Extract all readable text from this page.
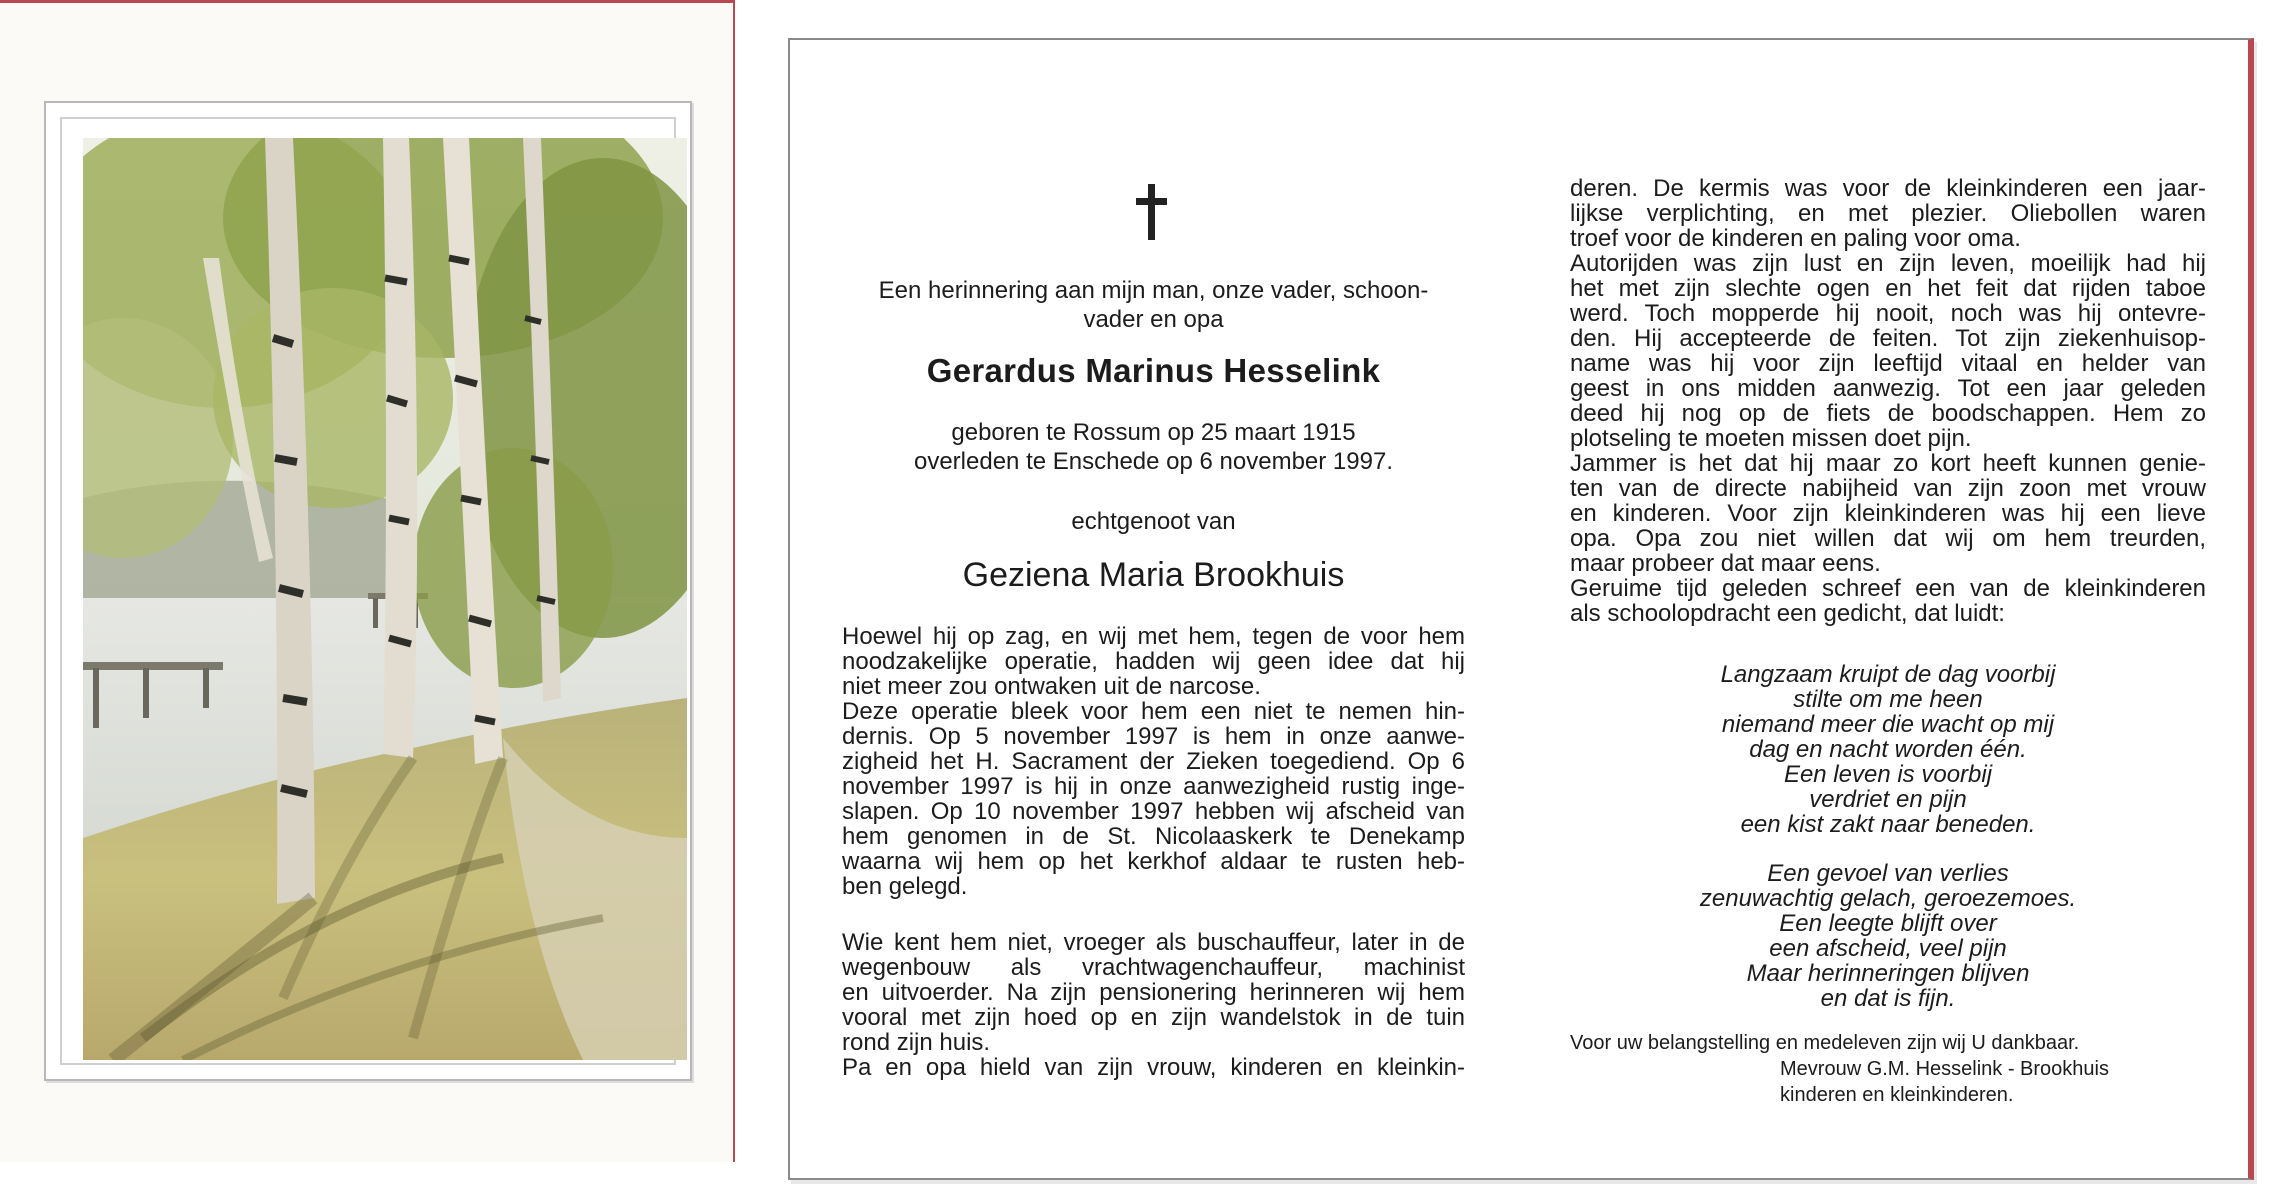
Een herinnering aan mijn man, onze vader, schoon-
vader en opa
Gerardus Marinus Hesselink
geboren te Rossum op 25 maart 1915
overleden te Enschede op 6 november 1997.
echtgenoot van
Geziena Maria Brookhuis
Hoewel hij op zag, en wij met hem, tegen de voor hem
noodzakelijke operatie, hadden wij geen idee dat hij
niet meer zou ontwaken uit de narcose.
Deze operatie bleek voor hem een niet te nemen hin-
dernis. Op 5 november 1997 is hem in onze aanwe-
zigheid het H. Sacrament der Zieken toegediend. Op 6
november 1997 is hij in onze aanwezigheid rustig inge-
slapen. Op 10 november 1997 hebben wij afscheid van
hem genomen in de St. Nicolaaskerk te Denekamp
waarna wij hem op het kerkhof aldaar te rusten heb-
ben gelegd.
Wie kent hem niet, vroeger als buschauffeur, later in de
wegenbouw als vrachtwagenchauffeur, machinist
en uitvoerder. Na zijn pensionering herinneren wij hem
vooral met zijn hoed op en zijn wandelstok in de tuin
rond zijn huis.
Pa en opa hield van zijn vrouw, kinderen en kleinkin-
deren. De kermis was voor de kleinkinderen een jaar-
lijkse verplichting, en met plezier. Oliebollen waren
troef voor de kinderen en paling voor oma.
Autorijden was zijn lust en zijn leven, moeilijk had hij
het met zijn slechte ogen en het feit dat rijden taboe
werd. Toch mopperde hij nooit, noch was hij ontevre-
den. Hij accepteerde de feiten. Tot zijn ziekenhuisop-
name was hij voor zijn leeftijd vitaal en helder van
geest in ons midden aanwezig. Tot een jaar geleden
deed hij nog op de fiets de boodschappen. Hem zo
plotseling te moeten missen doet pijn.
Jammer is het dat hij maar zo kort heeft kunnen genie-
ten van de directe nabijheid van zijn zoon met vrouw
en kinderen. Voor zijn kleinkinderen was hij een lieve
opa. Opa zou niet willen dat wij om hem treurden,
maar probeer dat maar eens.
Geruime tijd geleden schreef een van de kleinkinderen
als schoolopdracht een gedicht, dat luidt:
Langzaam kruipt de dag voorbij
stilte om me heen
niemand meer die wacht op mij
dag en nacht worden één.
Een leven is voorbij
verdriet en pijn
een kist zakt naar beneden.
Een gevoel van verlies
zenuwachtig gelach, geroezemoes.
Een leegte blijft over
een afscheid, veel pijn
Maar herinneringen blijven
en dat is fijn.
Voor uw belangstelling en medeleven zijn wij U dankbaar.
Mevrouw G.M. Hesselink - Brookhuis
kinderen en kleinkinderen.
